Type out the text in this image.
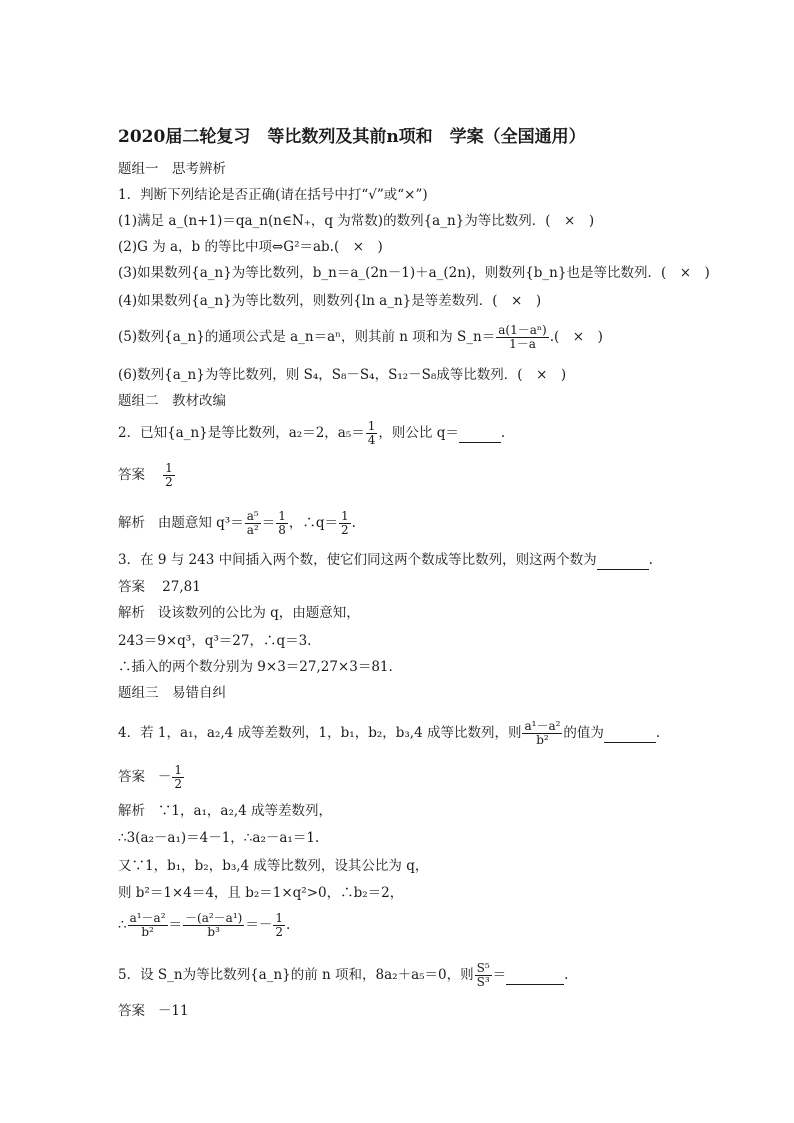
2020届二轮复习　等比数列及其前n项和　学案（全国通用）
题组一　思考辨析
1．判断下列结论是否正确(请在括号中打“√”或“×”)
(1)满足 a_(n+1)＝qa_n(n∈N₊，q 为常数)的数列{a_n}为等比数列．(　×　)
(2)G 为 a，b 的等比中项⇔G²＝ab.(　×　)
(3)如果数列{a_n}为等比数列，b_n＝a_(2n－1)＋a_(2n)，则数列{b_n}也是等比数列．(　×　)
(4)如果数列{a_n}为等比数列，则数列{ln a_n}是等差数列．(　×　)
(5)数列{a_n}的通项公式是 a_n＝aⁿ，则其前 n 项和为 S_n＝ $\frac{\text{a(1－aⁿ)}}{1-a}$ .(　×　)
(6)数列{a_n}为等比数列，则 S₄，S₈－S₄，S₁₂－S₈成等比数列．(　×　)
题组二　教材改编
2．已知{a_n}是等比数列，a₂＝2，$a_5= \frac{1}{4}$ ，则公比 q＝	.
答案 $\frac{1}{2}$
解析 由题意知 $q^3= \frac{\text{a⁵}}{\text{a²}} = \frac{1}{8}$ ，∴q＝ $\frac{1}{2}$ .
3．在 9 与 243 中间插入两个数，使它们同这两个数成等比数列，则这两个数为	.
答案 27,81
解析 设该数列的公比为 q，由题意知，
243＝9×q³，q³＝27，∴q＝3.
∴插入的两个数分别为 9×3＝27,27×3＝81.
题组三　易错自纠
4．若 1，a₁，a₂,4 成等差数列，1，b₁，b₂，b₃,4 成等比数列，则 $\frac{\text{a¹－a²}}{\text{b²}}$ 的值为	.
答案 － $\frac{1}{2}$
解析 ∵1，a₁，a₂,4 成等差数列，
∴3(a₂－a₁)＝4－1，∴a₂－a₁＝1.
又∵1，b₁，b₂，b₃,4 成等比数列，设其公比为 q，
则 b²＝1×4＝4，且 b₂＝1×q²>0，∴b₂＝2，
∴ $\frac{\text{a¹－a²}}{\text{b²}} = \frac{\text{－(a²－a¹)}}{\text{b³}} =- \frac{1}{2}$ .
5．设 S_n为等比数列{a_n}的前 n 项和，8a₂＋a₅＝0，则 $\frac{\text{S⁵}}{\text{S³}}$ ＝	.
答案 －11
